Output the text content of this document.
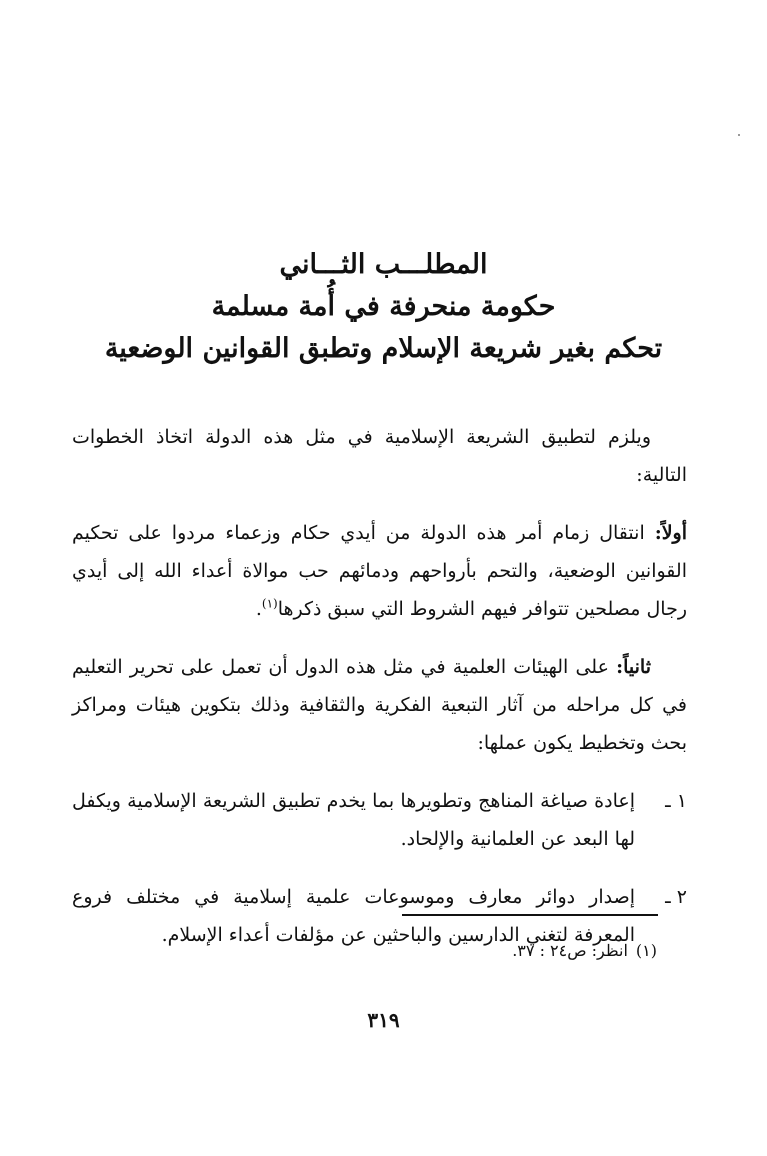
المطلـــب الثـــاني
حكومة منحرفة في أُمة مسلمة
تحكم بغير شريعة الإسلام وتطبق القوانين الوضعية

ويلزم لتطبيق الشريعة الإسلامية في مثل هذه الدولة اتخاذ الخطوات التالية:

أولاً: انتقال زمام أمر هذه الدولة من أيدي حكام وزعماء مردوا على تحكيم القوانين الوضعية، والتحم بأرواحهم ودمائهم حب موالاة أعداء الله إلى أيدي رجال مصلحين تتوافر فيهم الشروط التي سبق ذكرها$^{(١)}$.

ثانياً: على الهيئات العلمية في مثل هذه الدول أن تعمل على تحرير التعليم في كل مراحله من آثار التبعية الفكرية والثقافية وذلك بتكوين هيئات ومراكز بحث وتخطيط يكون عملها:

١ ـ
إعادة صياغة المناهج وتطويرها بما يخدم تطبيق الشريعة الإسلامية ويكفل لها البعد عن العلمانية والإلحاد.
٢ ـ
إصدار دوائر معارف وموسوعات علمية إسلامية في مختلف فروع المعرفة لتغني الدارسين والباحثين عن مؤلفات أعداء الإسلام.
(١)انظر: ص٢٤ : ٣٧.
٣١٩
